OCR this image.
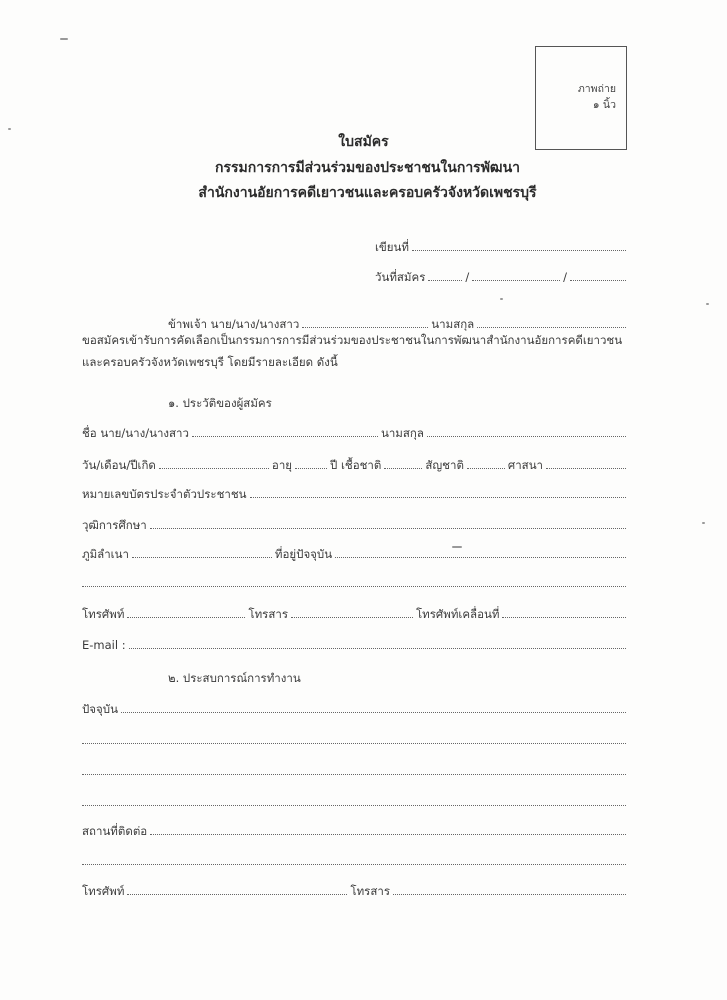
ภาพถ่าย
๑ นิ้ว
ใบสมัคร
กรรมการการมีส่วนร่วมของประชาชนในการพัฒนา
สำนักงานอัยการคดีเยาวชนและครอบครัวจังหวัดเพชรบุรี
เขียนที่
วันที่สมัคร	/	/
ข้าพเจ้า นาย/นาง/นางสาว	นามสกุล
ขอสมัครเข้ารับการคัดเลือกเป็นกรรมการการมีส่วนร่วมของประชาชนในการพัฒนาสำนักงานอัยการคดีเยาวชน
และครอบครัวจังหวัดเพชรบุรี โดยมีรายละเอียด ดังนี้
๑. ประวัติของผู้สมัคร
ชื่อ นาย/นาง/นางสาว	นามสกุล
วัน/เดือน/ปีเกิด	อายุ	ปี เชื้อชาติ	สัญชาติ	ศาสนา
หมายเลขบัตรประจำตัวประชาชน
วุฒิการศึกษา
ภูมิลำเนา	ที่อยู่ปัจจุบัน
โทรศัพท์	โทรสาร	โทรศัพท์เคลื่อนที่
E-mail :
๒. ประสบการณ์การทำงาน
ปัจจุบัน
สถานที่ติดต่อ
โทรศัพท์	โทรสาร
